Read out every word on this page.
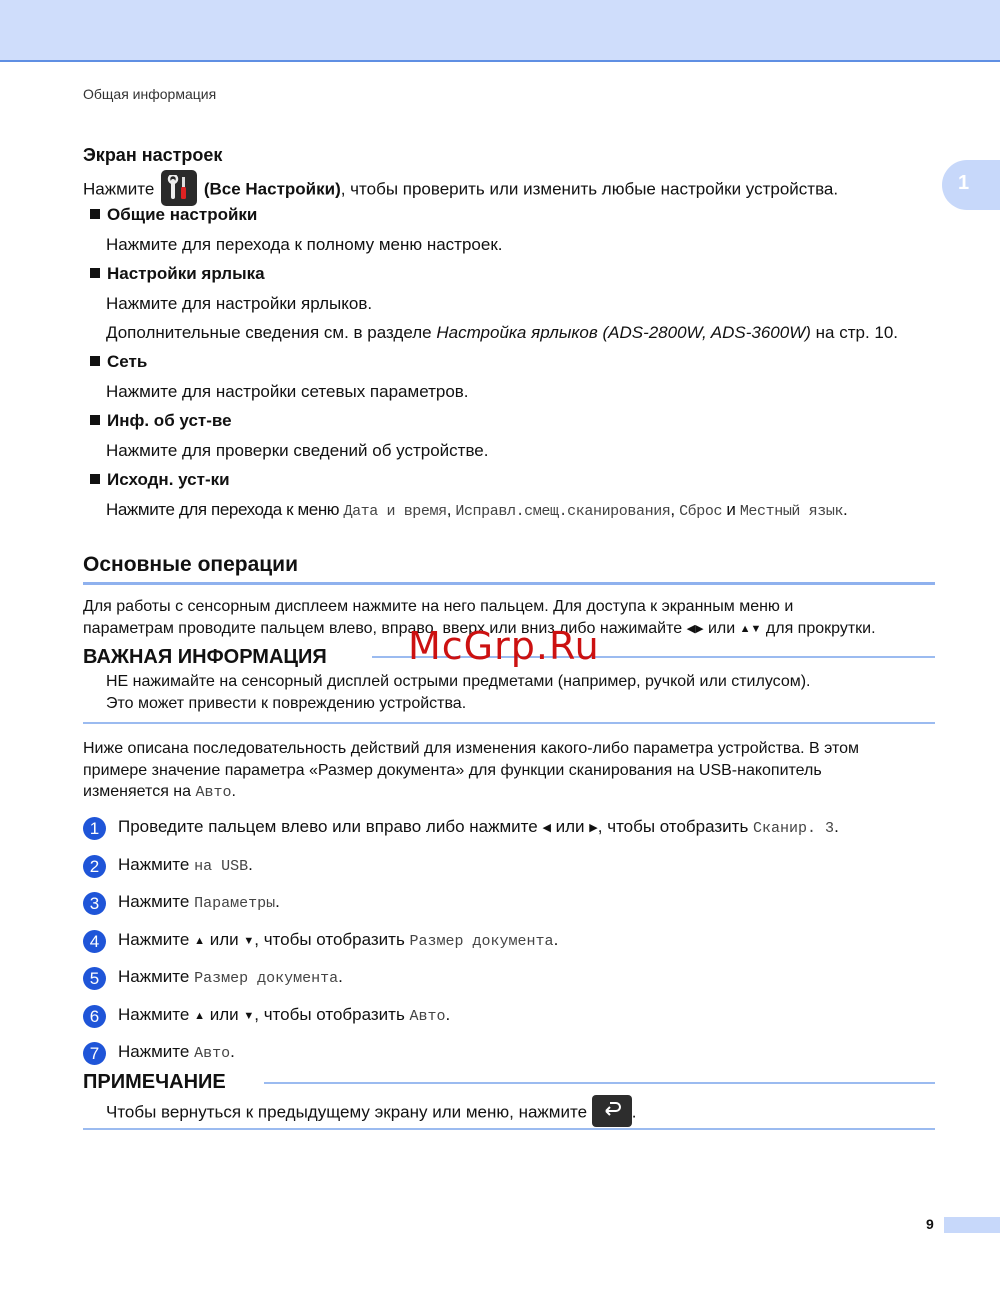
Общая информация
1
Экран настроек
Нажмите	(Все Настройки), чтобы проверить или изменить любые настройки устройства.
Общие настройки
Нажмите для перехода к полному меню настроек.
Настройки ярлыка
Нажмите для настройки ярлыков.
Дополнительные сведения см. в разделе Настройка ярлыков (ADS-2800W, ADS-3600W) на стр. 10.
Сеть
Нажмите для настройки сетевых параметров.
Инф. об уст-ве
Нажмите для проверки сведений об устройстве.
Исходн. уст-ки
Нажмите для перехода к меню Дата и время, Исправл.смещ.сканирования, Сброс и Местный язык.
Основные операции
Для работы с сенсорным дисплеем нажмите на него пальцем. Для доступа к экранным меню и
параметрам проводите пальцем влево, вправо, вверх или вниз либо нажимайте ◀▶ или ▲▼ для прокрутки.
ВАЖНАЯ ИНФОРМАЦИЯ
НЕ нажимайте на сенсорный дисплей острыми предметами (например, ручкой или стилусом).
Это может привести к повреждению устройства.
Ниже описана последовательность действий для изменения какого-либо параметра устройства. В этом
примере значение параметра «Размер документа» для функции сканирования на USB-накопитель
изменяется на Авто.
1 Проведите пальцем влево или вправо либо нажмите ◀ или ▶, чтобы отобразить Сканир. 3.
2 Нажмите на USB.
3 Нажмите Параметры.
4 Нажмите ▲ или ▼, чтобы отобразить Размер документа.
5 Нажмите Размер документа.
6 Нажмите ▲ или ▼, чтобы отобразить Авто.
7 Нажмите Авто.
ПРИМЕЧАНИЕ
Чтобы вернуться к предыдущему экрану или меню, нажмите	.
McGrp.Ru
9
